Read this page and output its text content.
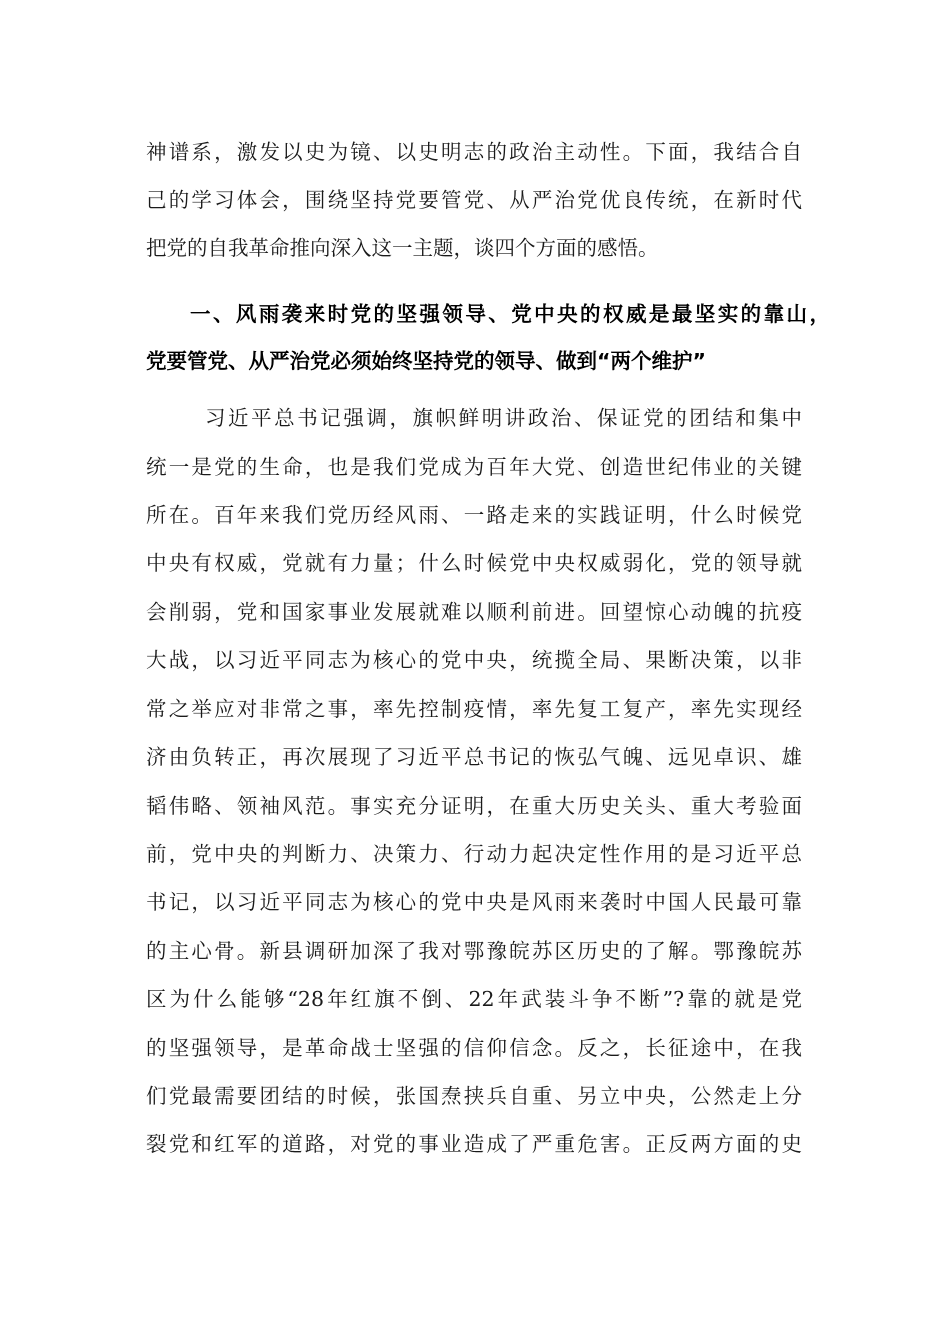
神谱系，激发以史为镜、以史明志的政治主动性。下面，我结合自

己的学习体会，围绕坚持党要管党、从严治党优良传统，在新时代

把党的自我革命推向深入这一主题，谈四个方面的感悟。

一、风雨袭来时党的坚强领导、党中央的权威是最坚实的靠山，

党要管党、从严治党必须始终坚持党的领导、做到“两个维护”

习近平总书记强调，旗帜鲜明讲政治、保证党的团结和集中

统一是党的生命，也是我们党成为百年大党、创造世纪伟业的关键

所在。百年来我们党历经风雨、一路走来的实践证明，什么时候党

中央有权威，党就有力量；什么时候党中央权威弱化，党的领导就

会削弱，党和国家事业发展就难以顺利前进。回望惊心动魄的抗疫

大战，以习近平同志为核心的党中央，统揽全局、果断决策，以非

常之举应对非常之事，率先控制疫情，率先复工复产，率先实现经

济由负转正，再次展现了习近平总书记的恢弘气魄、远见卓识、雄

韬伟略、领袖风范。事实充分证明，在重大历史关头、重大考验面

前，党中央的判断力、决策力、行动力起决定性作用的是习近平总

书记，以习近平同志为核心的党中央是风雨来袭时中国人民最可靠

的主心骨。新县调研加深了我对鄂豫皖苏区历史的了解。鄂豫皖苏

区为什么能够“28年红旗不倒、22年武装斗争不断”?靠的就是党

的坚强领导，是革命战士坚强的信仰信念。反之，长征途中，在我

们党最需要团结的时候，张国焘挟兵自重、另立中央，公然走上分

裂党和红军的道路，对党的事业造成了严重危害。正反两方面的史
